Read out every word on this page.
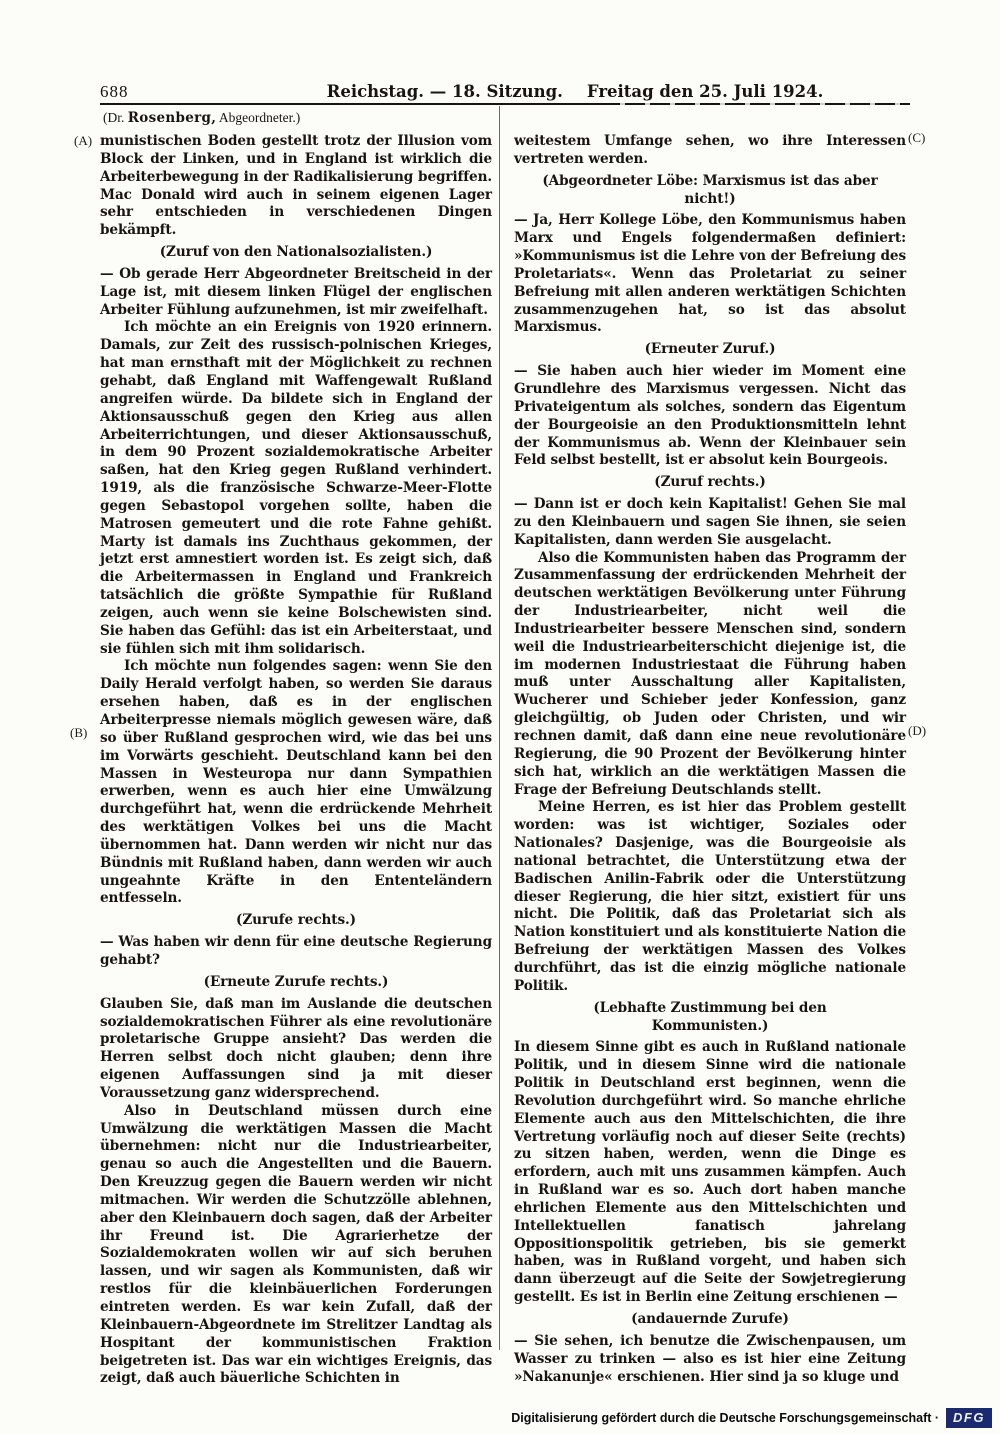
688	Reichstag. — 18. Sitzung. Freitag den 25. Juli 1924.
(Dr. Rosenberg, Abgeordneter.)
(A)
(B)
(C)
(D)
munistischen Boden gestellt trotz der Illusion vom Block der Linken, und in England ist wirklich die Arbeiterbewegung in der Radikalisierung begriffen. Mac Donald wird auch in seinem eigenen Lager sehr entschieden in verschiedenen Dingen bekämpft.
(Zuruf von den Nationalsozialisten.)
— Ob gerade Herr Abgeordneter Breitscheid in der Lage ist, mit diesem linken Flügel der englischen Arbeiter Fühlung aufzunehmen, ist mir zweifelhaft.
Ich möchte an ein Ereignis von 1920 erinnern. Damals, zur Zeit des russisch-polnischen Krieges, hat man ernsthaft mit der Möglichkeit zu rechnen gehabt, daß England mit Waffengewalt Rußland angreifen würde. Da bildete sich in England der Aktionsausschuß gegen den Krieg aus allen Arbeiterrichtungen, und dieser Aktionsausschuß, in dem 90 Prozent sozialdemokratische Arbeiter saßen, hat den Krieg gegen Rußland verhindert. 1919, als die französische Schwarze-Meer-Flotte gegen Sebastopol vorgehen sollte, haben die Matrosen gemeutert und die rote Fahne gehißt. Marty ist damals ins Zuchthaus gekommen, der jetzt erst amnestiert worden ist. Es zeigt sich, daß die Arbeitermassen in England und Frankreich tatsächlich die größte Sympathie für Rußland zeigen, auch wenn sie keine Bolschewisten sind. Sie haben das Gefühl: das ist ein Arbeiterstaat, und sie fühlen sich mit ihm solidarisch.
Ich möchte nun folgendes sagen: wenn Sie den Daily Herald verfolgt haben, so werden Sie daraus ersehen haben, daß es in der englischen Arbeiterpresse niemals möglich gewesen wäre, daß so über Rußland gesprochen wird, wie das bei uns im Vorwärts geschieht. Deutschland kann bei den Massen in Westeuropa nur dann Sympathien erwerben, wenn es auch hier eine Umwälzung durchgeführt hat, wenn die erdrückende Mehrheit des werktätigen Volkes bei uns die Macht übernommen hat. Dann werden wir nicht nur das Bündnis mit Rußland haben, dann werden wir auch ungeahnte Kräfte in den Ententeländern entfesseln.
(Zurufe rechts.)
— Was haben wir denn für eine deutsche Regierung gehabt?
(Erneute Zurufe rechts.)
Glauben Sie, daß man im Auslande die deutschen sozialdemokratischen Führer als eine revolutionäre proletarische Gruppe ansieht? Das werden die Herren selbst doch nicht glauben; denn ihre eigenen Auffassungen sind ja mit dieser Voraussetzung ganz widersprechend.
Also in Deutschland müssen durch eine Umwälzung die werktätigen Massen die Macht übernehmen: nicht nur die Industriearbeiter, genau so auch die Angestellten und die Bauern. Den Kreuzzug gegen die Bauern werden wir nicht mitmachen. Wir werden die Schutzzölle ablehnen, aber den Kleinbauern doch sagen, daß der Arbeiter ihr Freund ist. Die Agrarierhetze der Sozialdemokraten wollen wir auf sich beruhen lassen, und wir sagen als Kommunisten, daß wir restlos für die kleinbäuerlichen Forderungen eintreten werden. Es war kein Zufall, daß der Kleinbauern-Abgeordnete im Strelitzer Landtag als Hospitant der kommunistischen Fraktion beigetreten ist. Das war ein wichtiges Ereignis, das zeigt, daß auch bäuerliche Schichten in
weitestem Umfange sehen, wo ihre Interessen vertreten werden.
(Abgeordneter Löbe: Marxismus ist das aber nicht!)
— Ja, Herr Kollege Löbe, den Kommunismus haben Marx und Engels folgendermaßen definiert: »Kommunismus ist die Lehre von der Befreiung des Proletariats«. Wenn das Proletariat zu seiner Befreiung mit allen anderen werktätigen Schichten zusammenzugehen hat, so ist das absolut Marxismus.
(Erneuter Zuruf.)
— Sie haben auch hier wieder im Moment eine Grundlehre des Marxismus vergessen. Nicht das Privateigentum als solches, sondern das Eigentum der Bourgeoisie an den Produktionsmitteln lehnt der Kommunismus ab. Wenn der Kleinbauer sein Feld selbst bestellt, ist er absolut kein Bourgeois.
(Zuruf rechts.)
— Dann ist er doch kein Kapitalist! Gehen Sie mal zu den Kleinbauern und sagen Sie ihnen, sie seien Kapitalisten, dann werden Sie ausgelacht.
Also die Kommunisten haben das Programm der Zusammenfassung der erdrückenden Mehrheit der deutschen werktätigen Bevölkerung unter Führung der Industriearbeiter, nicht weil die Industriearbeiter bessere Menschen sind, sondern weil die Industriearbeiterschicht diejenige ist, die im modernen Industriestaat die Führung haben muß unter Ausschaltung aller Kapitalisten, Wucherer und Schieber jeder Konfession, ganz gleichgültig, ob Juden oder Christen, und wir rechnen damit, daß dann eine neue revolutionäre Regierung, die 90 Prozent der Bevölkerung hinter sich hat, wirklich an die werktätigen Massen die Frage der Befreiung Deutschlands stellt.
Meine Herren, es ist hier das Problem gestellt worden: was ist wichtiger, Soziales oder Nationales? Dasjenige, was die Bourgeoisie als national betrachtet, die Unterstützung etwa der Badischen Anilin-Fabrik oder die Unterstützung dieser Regierung, die hier sitzt, existiert für uns nicht. Die Politik, daß das Proletariat sich als Nation konstituiert und als konstituierte Nation die Befreiung der werktätigen Massen des Volkes durchführt, das ist die einzig mögliche nationale Politik.
(Lebhafte Zustimmung bei den Kommunisten.)
In diesem Sinne gibt es auch in Rußland nationale Politik, und in diesem Sinne wird die nationale Politik in Deutschland erst beginnen, wenn die Revolution durchgeführt wird. So manche ehrliche Elemente auch aus den Mittelschichten, die ihre Vertretung vorläufig noch auf dieser Seite (rechts) zu sitzen haben, werden, wenn die Dinge es erfordern, auch mit uns zusammen kämpfen. Auch in Rußland war es so. Auch dort haben manche ehrlichen Elemente aus den Mittelschichten und Intellektuellen fanatisch jahrelang Oppositionspolitik getrieben, bis sie gemerkt haben, was in Rußland vorgeht, und haben sich dann überzeugt auf die Seite der Sowjetregierung gestellt. Es ist in Berlin eine Zeitung erschienen —
(andauernde Zurufe)
— Sie sehen, ich benutze die Zwischenpausen, um Wasser zu trinken — also es ist hier eine Zeitung »Nakanunje« erschienen. Hier sind ja so kluge und
Digitalisierung gefördert durch die Deutsche Forschungsgemeinschaft ·	DFG
